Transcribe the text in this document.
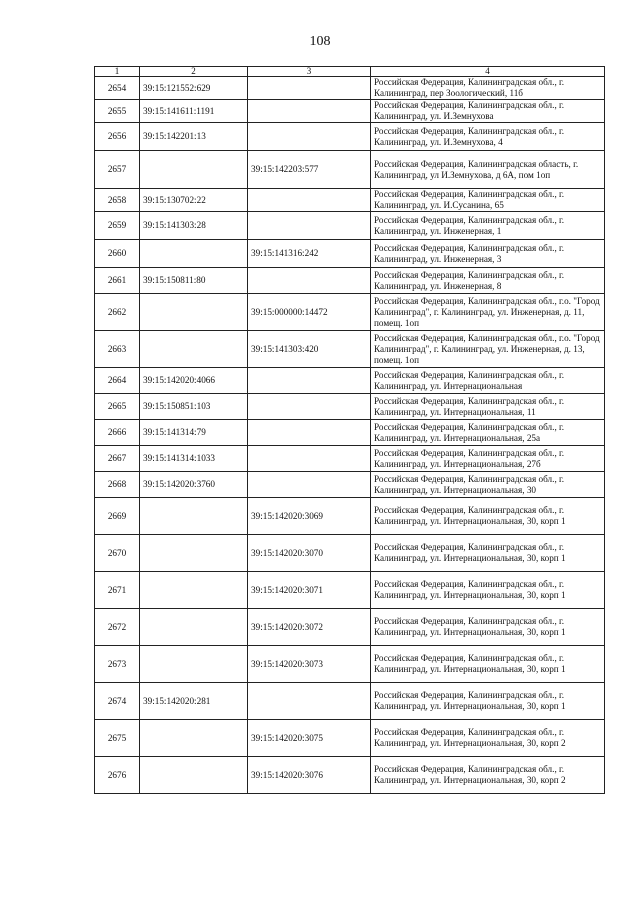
108
1	2	3	4
2654	39:15:121552:629		Российская Федерация, Калининградская обл., г. Калининград, пер Зоологический, 11б
2655	39:15:141611:1191		Российская Федерация, Калининградская обл., г. Калининград, ул. И.Земнухова
2656	39:15:142201:13		Российская Федерация, Калининградская обл., г. Калининград, ул. И.Земнухова, 4
2657		39:15:142203:577	Российская Федерация, Калининградская область, г. Калининград, ул И.Земнухова, д 6А, пом 1оп
2658	39:15:130702:22		Российская Федерация, Калининградская обл., г. Калининград, ул. И.Сусанина, 65
2659	39:15:141303:28		Российская Федерация, Калининградская обл., г. Калининград, ул. Инженерная, 1
2660		39:15:141316:242	Российская Федерация, Калининградская обл., г. Калининград, ул. Инженерная, 3
2661	39:15:150811:80		Российская Федерация, Калининградская обл., г. Калининград, ул. Инженерная, 8
2662		39:15:000000:14472	Российская Федерация, Калининградская обл., г.о. "Город Калининград", г. Калининград, ул. Инженерная, д. 11, помещ. 1оп
2663		39:15:141303:420	Российская Федерация, Калининградская обл., г.о. "Город Калининград", г. Калининград, ул. Инженерная, д. 13, помещ. 1оп
2664	39:15:142020:4066		Российская Федерация, Калининградская обл., г. Калининград, ул. Интернациональная
2665	39:15:150851:103		Российская Федерация, Калининградская обл., г. Калининград, ул. Интернациональная, 11
2666	39:15:141314:79		Российская Федерация, Калининградская обл., г. Калининград, ул. Интернациональная, 25а
2667	39:15:141314:1033		Российская Федерация, Калининградская обл., г. Калининград, ул. Интернациональная, 27б
2668	39:15:142020:3760		Российская Федерация, Калининградская обл., г. Калининград, ул. Интернациональная, 30
2669		39:15:142020:3069	Российская Федерация, Калининградская обл., г. Калининград, ул. Интернациональная, 30, корп 1
2670		39:15:142020:3070	Российская Федерация, Калининградская обл., г. Калининград, ул. Интернациональная, 30, корп 1
2671		39:15:142020:3071	Российская Федерация, Калининградская обл., г. Калининград, ул. Интернациональная, 30, корп 1
2672		39:15:142020:3072	Российская Федерация, Калининградская обл., г. Калининград, ул. Интернациональная, 30, корп 1
2673		39:15:142020:3073	Российская Федерация, Калининградская обл., г. Калининград, ул. Интернациональная, 30, корп 1
2674	39:15:142020:281		Российская Федерация, Калининградская обл., г. Калининград, ул. Интернациональная, 30, корп 1
2675		39:15:142020:3075	Российская Федерация, Калининградская обл., г. Калининград, ул. Интернациональная, 30, корп 2
2676		39:15:142020:3076	Российская Федерация, Калининградская обл., г. Калининград, ул. Интернациональная, 30, корп 2
